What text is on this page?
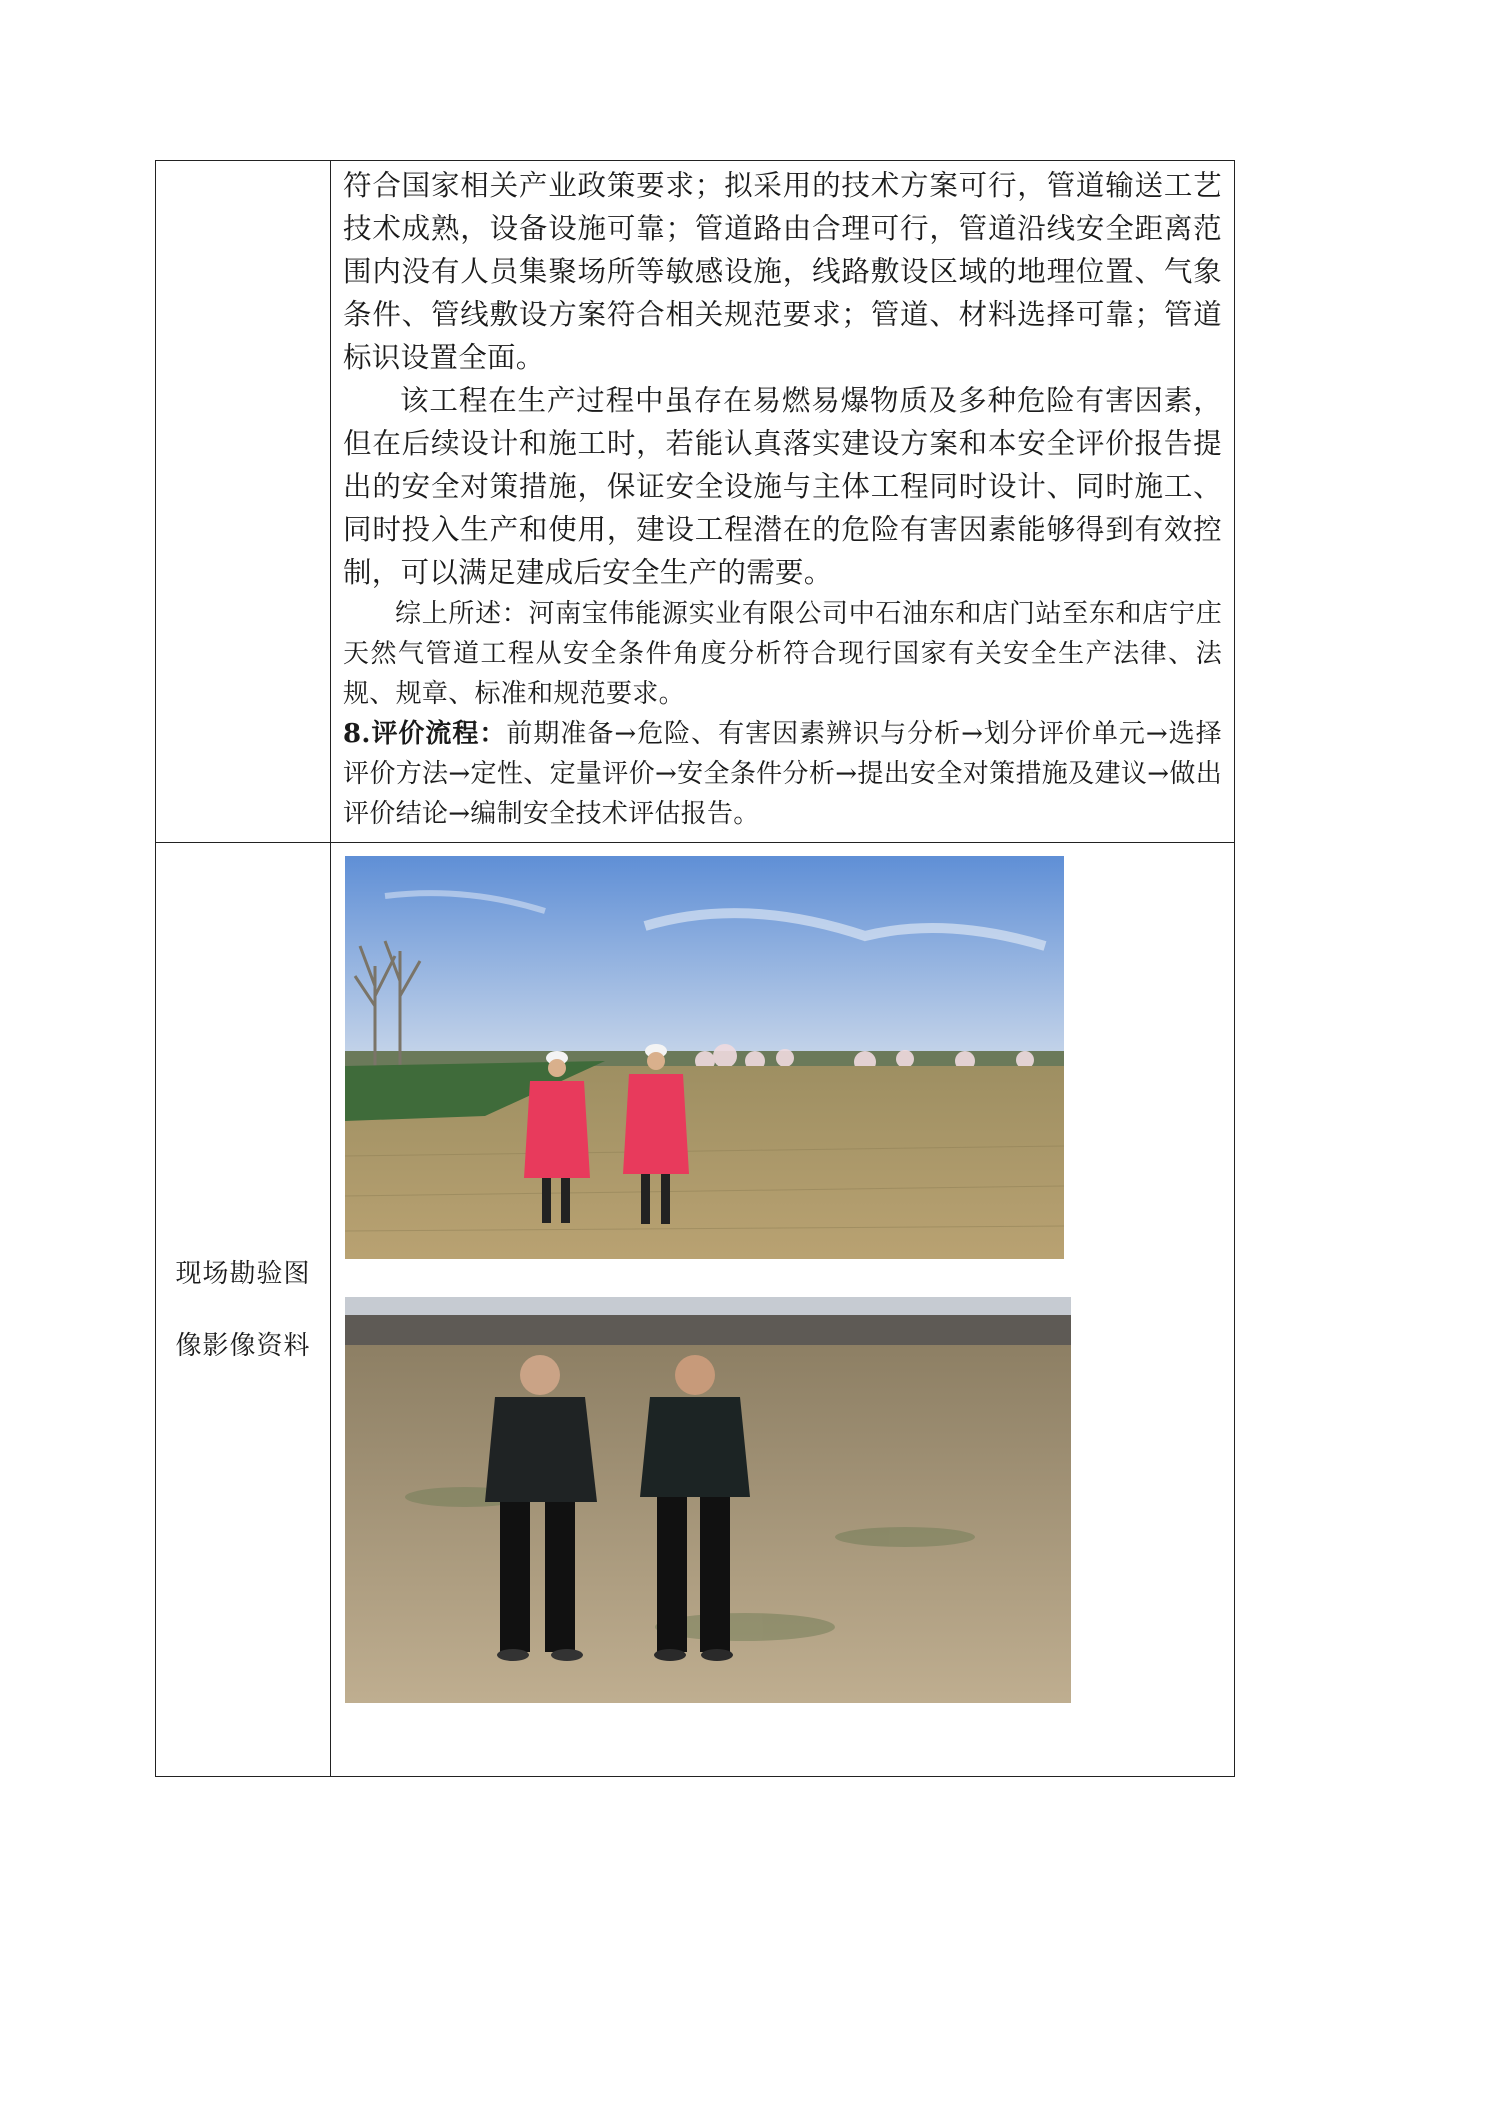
	符合国家相关产业政策要求；拟采用的技术方案可行，管道输送工艺技术成熟，设备设施可靠；管道路由合理可行，管道沿线安全距离范围内没有人员集聚场所等敏感设施，线路敷设区域的地理位置、气象条件、管线敷设方案符合相关规范要求；管道、材料选择可靠；管道标识设置全面。

该工程在生产过程中虽存在易燃易爆物质及多种危险有害因素，但在后续设计和施工时，若能认真落实建设方案和本安全评价报告提出的安全对策措施，保证安全设施与主体工程同时设计、同时施工、同时投入生产和使用，建设工程潜在的危险有害因素能够得到有效控制，可以满足建成后安全生产的需要。

综上所述：河南宝伟能源实业有限公司中石油东和店门站至东和店宁庄天然气管道工程从安全条件角度分析符合现行国家有关安全生产法律、法规、规章、标准和规范要求。

8.评价流程：前期准备→危险、有害因素辨识与分析→划分评价单元→选择评价方法→定性、定量评价→安全条件分析→提出安全对策措施及建议→做出评价结论→编制安全技术评估报告。

现场勘验图
像影像资料
